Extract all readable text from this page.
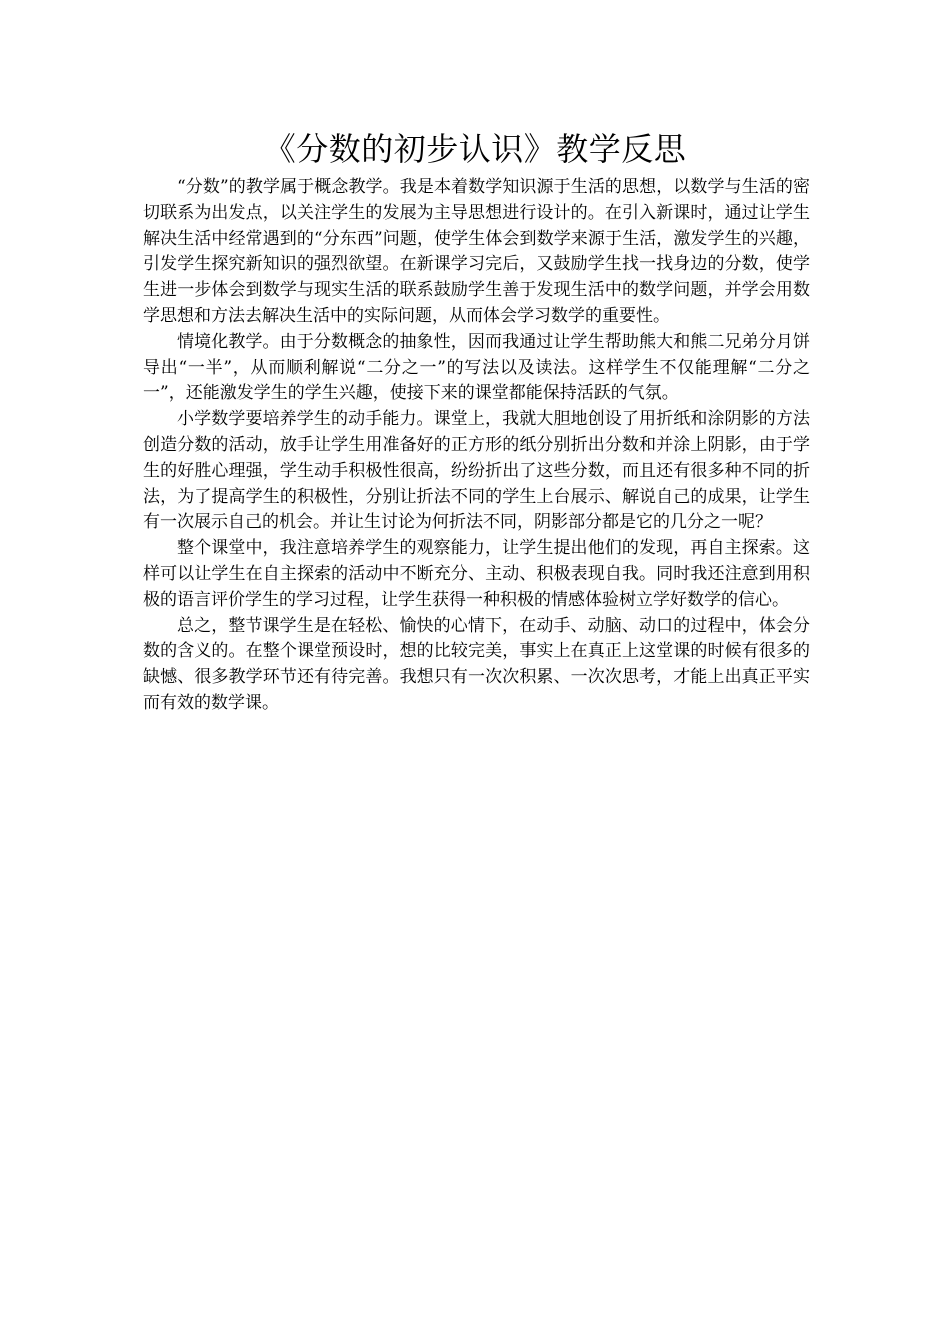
《分数的初步认识》教学反思

“分数”的教学属于概念教学。我是本着数学知识源于生活的思想，以数学与生活的密切联系为出发点，以关注学生的发展为主导思想进行设计的。在引入新课时，通过让学生解决生活中经常遇到的“分东西”问题，使学生体会到数学来源于生活，激发学生的兴趣，引发学生探究新知识的强烈欲望。在新课学习完后，又鼓励学生找一找身边的分数，使学生进一步体会到数学与现实生活的联系鼓励学生善于发现生活中的数学问题，并学会用数学思想和方法去解决生活中的实际问题，从而体会学习数学的重要性。

情境化教学。由于分数概念的抽象性，因而我通过让学生帮助熊大和熊二兄弟分月饼导出“一半”，从而顺利解说“二分之一”的写法以及读法。这样学生不仅能理解“二分之一”，还能激发学生的学生兴趣，使接下来的课堂都能保持活跃的气氛。

小学数学要培养学生的动手能力。课堂上，我就大胆地创设了用折纸和涂阴影的方法创造分数的活动，放手让学生用准备好的正方形的纸分别折出分数和并涂上阴影，由于学生的好胜心理强，学生动手积极性很高，纷纷折出了这些分数，而且还有很多种不同的折法，为了提高学生的积极性，分别让折法不同的学生上台展示、解说自己的成果，让学生有一次展示自己的机会。并让生讨论为何折法不同，阴影部分都是它的几分之一呢？

整个课堂中，我注意培养学生的观察能力，让学生提出他们的发现，再自主探索。这样可以让学生在自主探索的活动中不断充分、主动、积极表现自我。同时我还注意到用积极的语言评价学生的学习过程，让学生获得一种积极的情感体验树立学好数学的信心。

总之，整节课学生是在轻松、愉快的心情下，在动手、动脑、动口的过程中，体会分数的含义的。在整个课堂预设时，想的比较完美，事实上在真正上这堂课的时候有很多的缺憾、很多教学环节还有待完善。我想只有一次次积累、一次次思考，才能上出真正平实而有效的数学课。
